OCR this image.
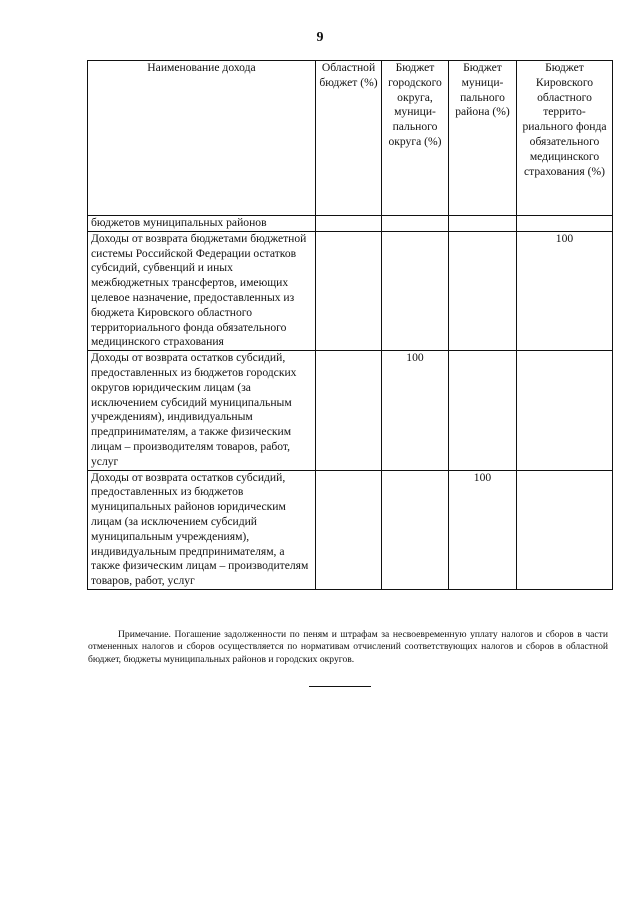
9
Наименование дохода	Областной бюджет (%)	Бюджет городского округа, муници-пального округа (%)	Бюджет муници-пального района (%)	Бюджет Кировского областного террито-риального фонда обязательного медицинского страхования (%)
бюджетов муниципальных районов				
Доходы от возврата бюджетами бюджетной системы Российской Федерации остатков субсидий, субвенций и иных межбюджетных трансфертов, имеющих целевое назначение, предоставленных из бюджета Кировского областного территориального фонда обязательного медицинского страхования				100
Доходы от возврата остатков субсидий, предоставленных из бюджетов городских округов юридическим лицам (за исключением субсидий муниципальным учреждениям), индивидуальным предпринимателям, а также физическим лицам – производителям товаров, работ, услуг		100		
Доходы от возврата остатков субсидий, предоставленных из бюджетов муниципальных районов юридическим лицам (за исключением субсидий муниципальным учреждениям), индивидуальным предпринимателям, а также физическим лицам – производителям товаров, работ, услуг			100	
Примечание. Погашение задолженности по пеням и штрафам за несвоевременную уплату налогов и сборов в части отмененных налогов и сборов осуществляется по нормативам отчислений соответствующих налогов и сборов в областной бюджет, бюджеты муниципальных районов и городских округов.
